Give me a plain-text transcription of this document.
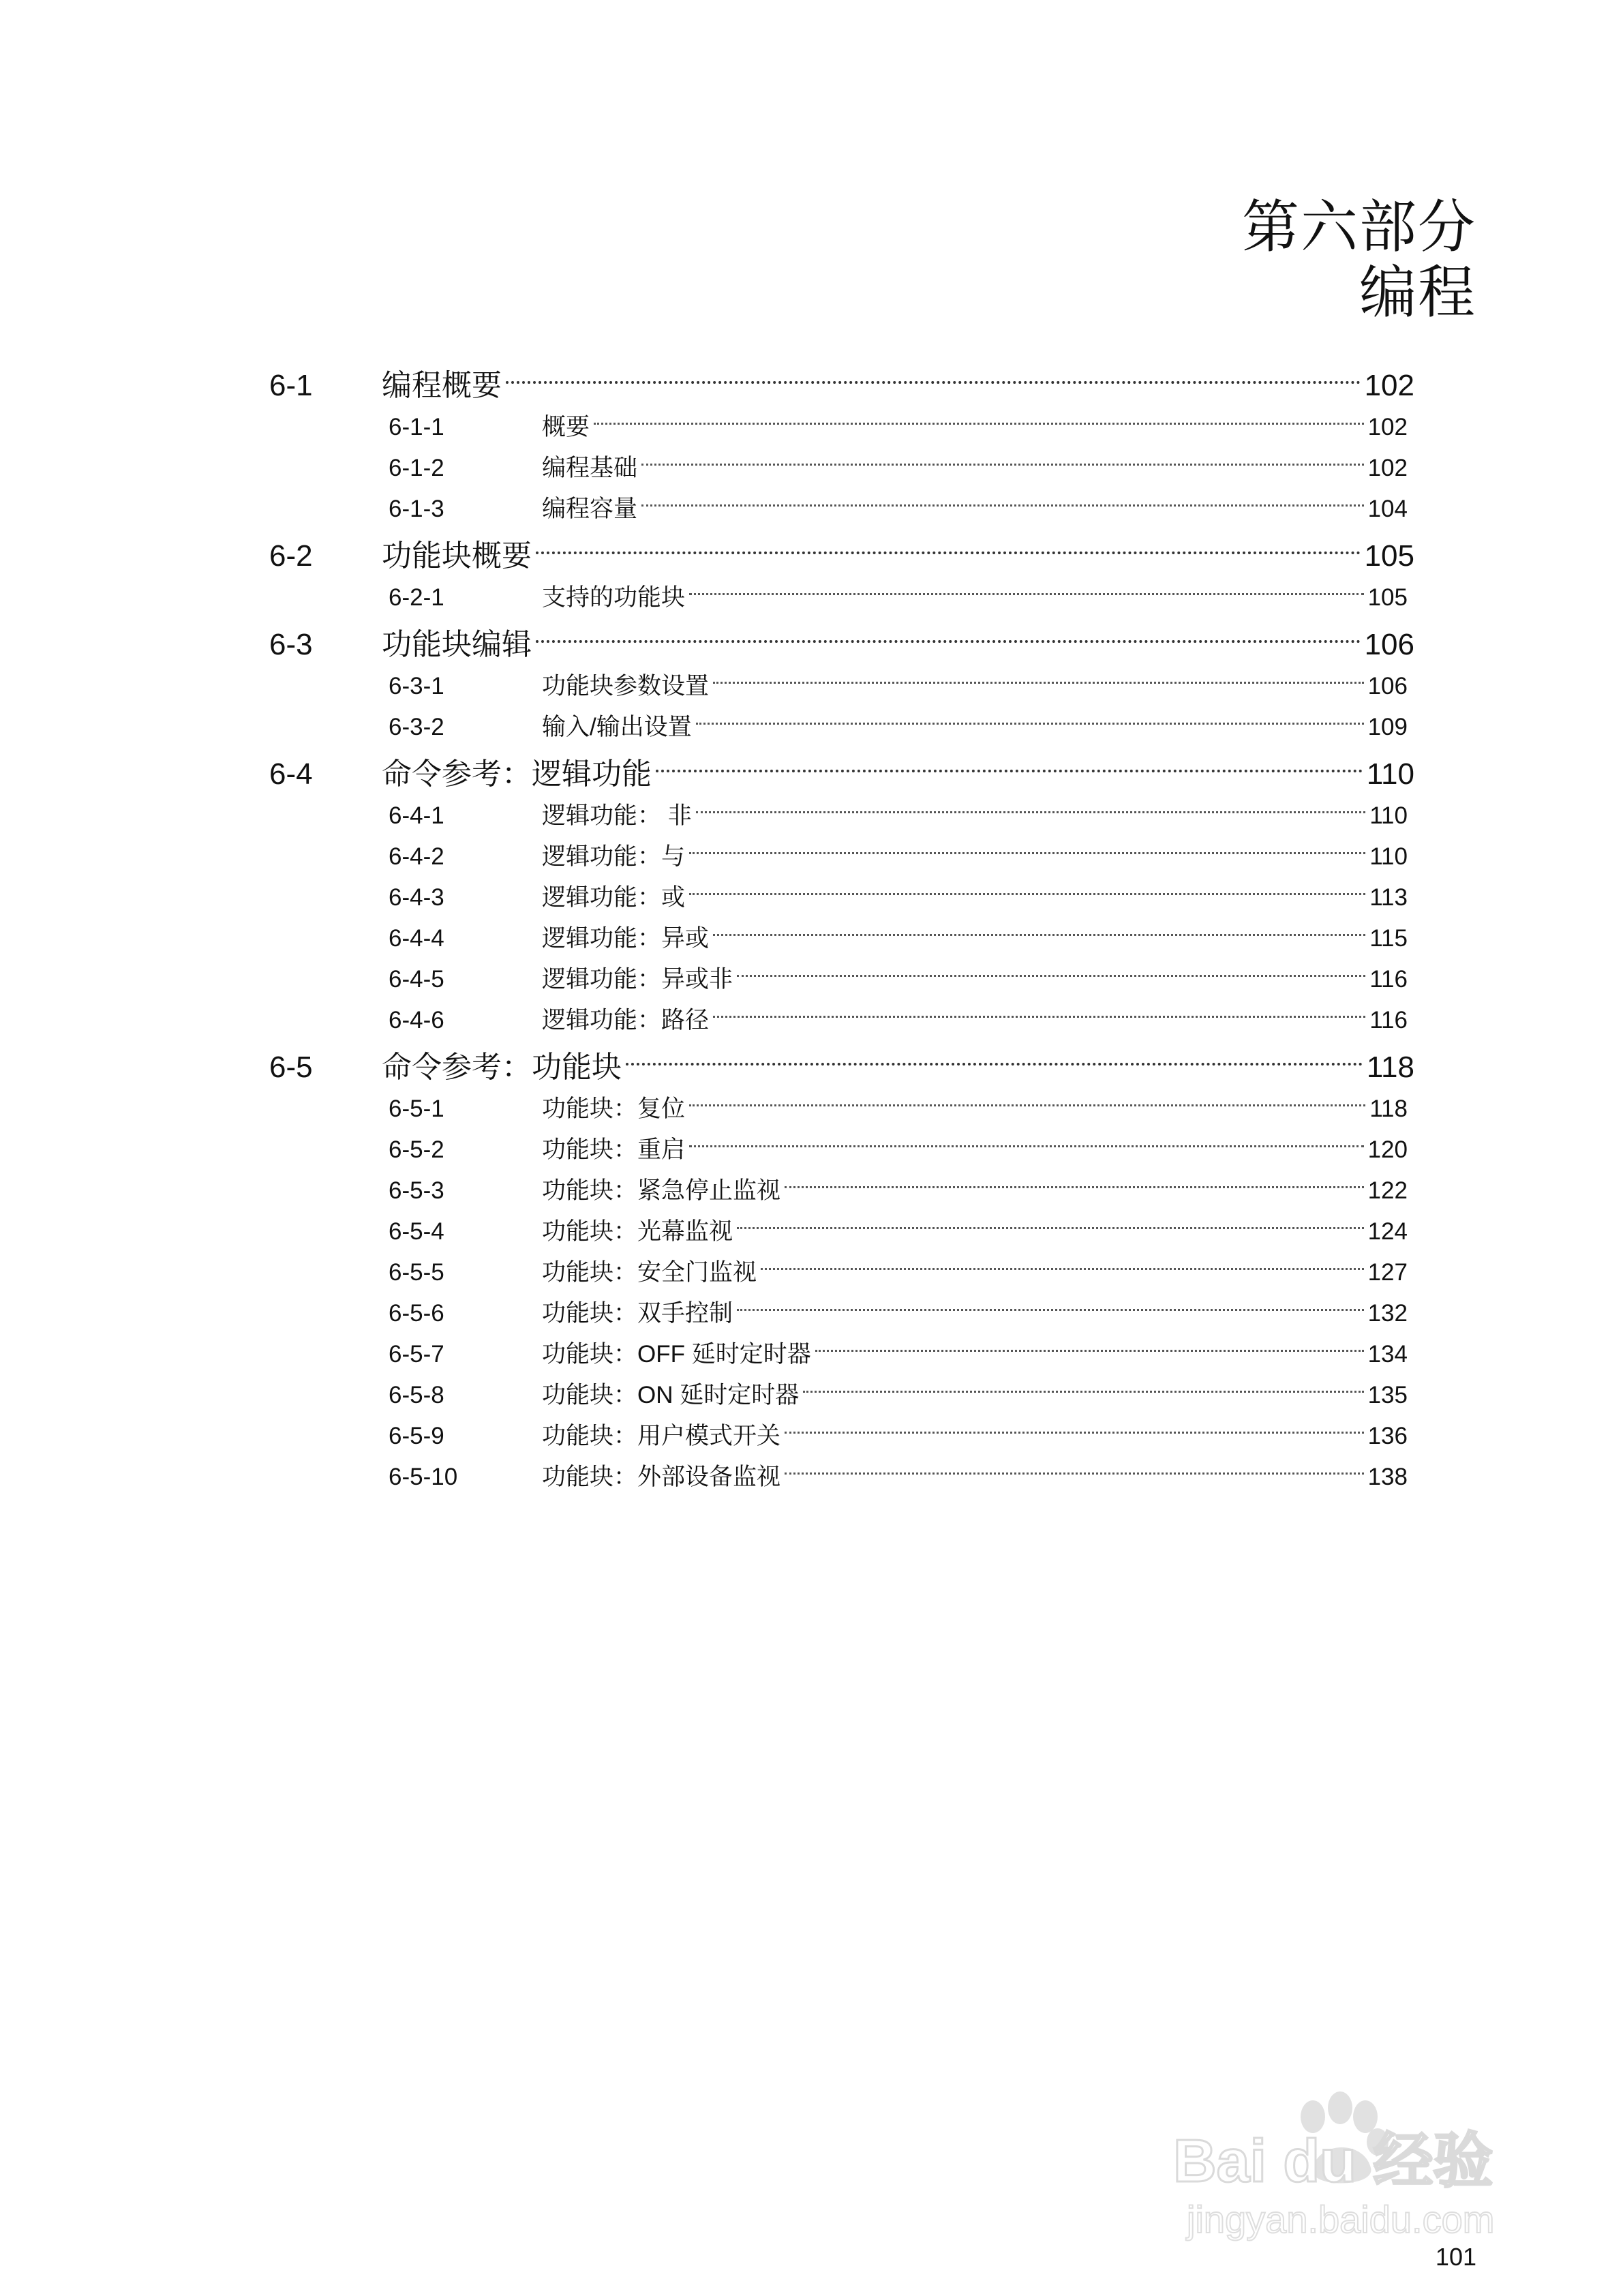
第六部分
编程
6-1	编程概要	102
6-1-1	概要	102
6-1-2	编程基础	102
6-1-3	编程容量	104
6-2	功能块概要	105
6-2-1	支持的功能块	105
6-3	功能块编辑	106
6-3-1	功能块参数设置	106
6-3-2	输入/输出设置	109
6-4	命令参考：逻辑功能	110
6-4-1	逻辑功能： 非	110
6-4-2	逻辑功能：与	110
6-4-3	逻辑功能：或	113
6-4-4	逻辑功能：异或	115
6-4-5	逻辑功能：异或非	116
6-4-6	逻辑功能：路径	116
6-5	命令参考：功能块	118
6-5-1	功能块：复位	118
6-5-2	功能块：重启	120
6-5-3	功能块：紧急停止监视	122
6-5-4	功能块：光幕监视	124
6-5-5	功能块：安全门监视	127
6-5-6	功能块：双手控制	132
6-5-7	功能块：OFF 延时定时器	134
6-5-8	功能块：ON 延时定时器	135
6-5-9	功能块：用户模式开关	136
6-5-10	功能块：外部设备监视	138
101
Bai du 经验
jingyan.baidu.com
